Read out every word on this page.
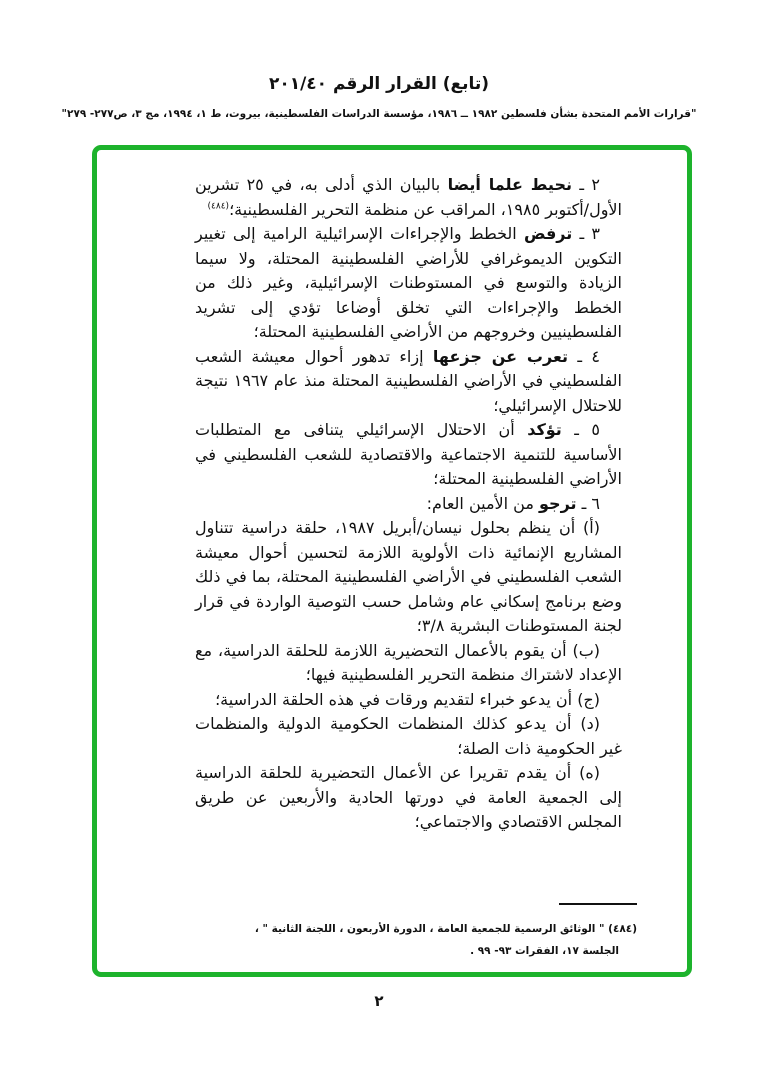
(تابع) القرار الرقم ٢٠١/٤٠
"قرارات الأمم المتحدة بشأن فلسطين ١٩٨٢ ــ ١٩٨٦، مؤسسة الدراسات الفلسطينية، بيروت، ط ١، ١٩٩٤، مج ٣، ص٢٧٧- ٢٧٩"

٢ ـ نحيط علما أيضا بالبيان الذي أدلى به، في ٢٥ تشرين الأول/أكتوبر ١٩٨٥، المراقب عن منظمة التحرير الفلسطينية؛$^{(٤٨٤)}$

٣ ـ ترفض الخطط والإجراءات الإسرائيلية الرامية إلى تغيير التكوين الديموغرافي للأراضي الفلسطينية المحتلة، ولا سيما الزيادة والتوسع في المستوطنات الإسرائيلية، وغير ذلك من الخطط والإجراءات التي تخلق أوضاعا تؤدي إلى تشريد الفلسطينيين وخروجهم من الأراضي الفلسطينية المحتلة؛

٤ ـ تعرب عن جزعها إزاء تدهور أحوال معيشة الشعب الفلسطيني في الأراضي الفلسطينية المحتلة منذ عام ١٩٦٧ نتيجة للاحتلال الإسرائيلي؛

٥ ـ تؤكد أن الاحتلال الإسرائيلي يتنافى مع المتطلبات الأساسية للتنمية الاجتماعية والاقتصادية للشعب الفلسطيني في الأراضي الفلسطينية المحتلة؛

٦ ـ ترجو من الأمين العام:

(أ) أن ينظم بحلول نيسان/أبريل ١٩٨٧، حلقة دراسية تتناول المشاريع الإنمائية ذات الأولوية اللازمة لتحسين أحوال معيشة الشعب الفلسطيني في الأراضي الفلسطينية المحتلة، بما في ذلك وضع برنامج إسكاني عام وشامل حسب التوصية الواردة في قرار لجنة المستوطنات البشرية ٣/٨؛

(ب) أن يقوم بالأعمال التحضيرية اللازمة للحلقة الدراسية، مع الإعداد لاشتراك منظمة التحرير الفلسطينية فيها؛

(ج) أن يدعو خبراء لتقديم ورقات في هذه الحلقة الدراسية؛

(د) أن يدعو كذلك المنظمات الحكومية الدولية والمنظمات غير الحكومية ذات الصلة؛

(ه) أن يقدم تقريرا عن الأعمال التحضيرية للحلقة الدراسية إلى الجمعية العامة في دورتها الحادية والأربعين عن طريق المجلس الاقتصادي والاجتماعي؛

(٤٨٤) " الوثائق الرسمية للجمعية العامة ، الدورة الأربعون ، اللجنة الثانية " ،
الجلسة ١٧، الفقرات ٩٣- ٩٩ .
٢
